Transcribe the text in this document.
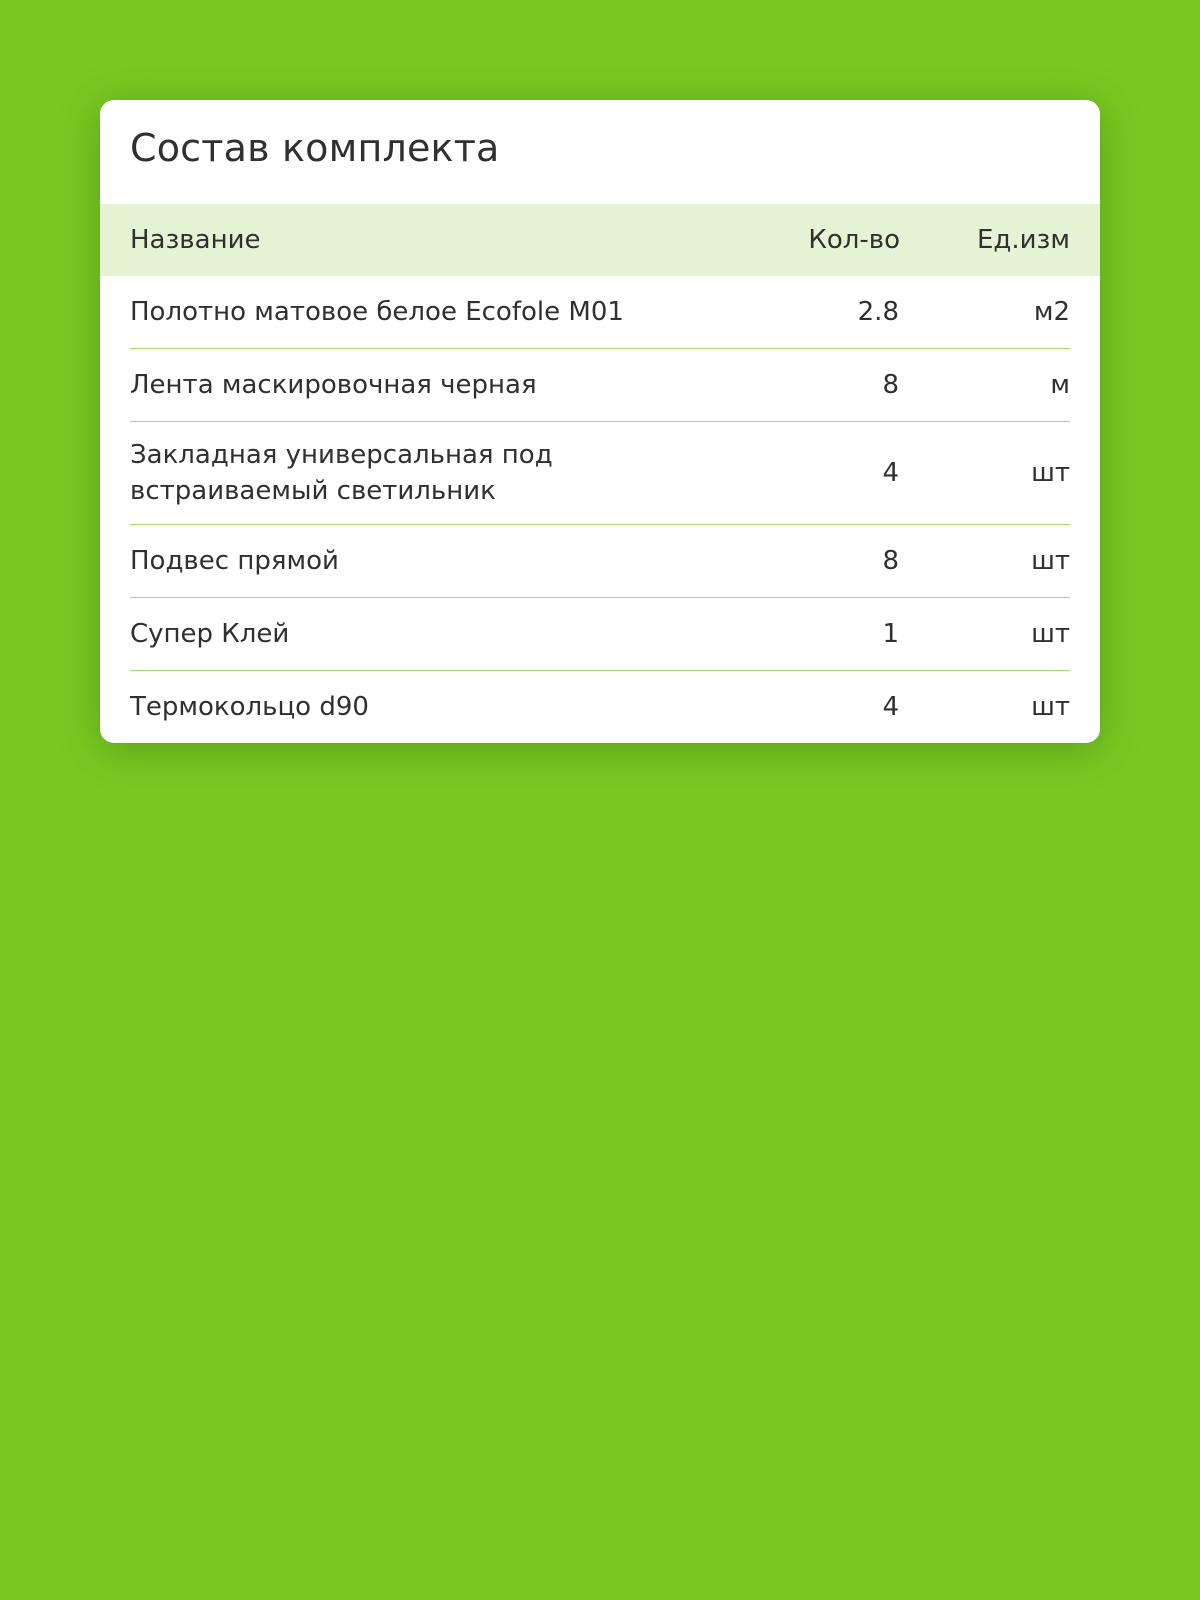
Состав комплекта
Название	Кол-во	Ед.изм
Полотно матовое белое Ecofole M01	2.8	м2

Лента маскировочная черная	8	м

Закладная универсальная под встраиваемый светильник	4	шт

Подвес прямой	8	шт

Супер Клей	1	шт

Термокольцо d90	4	шт
